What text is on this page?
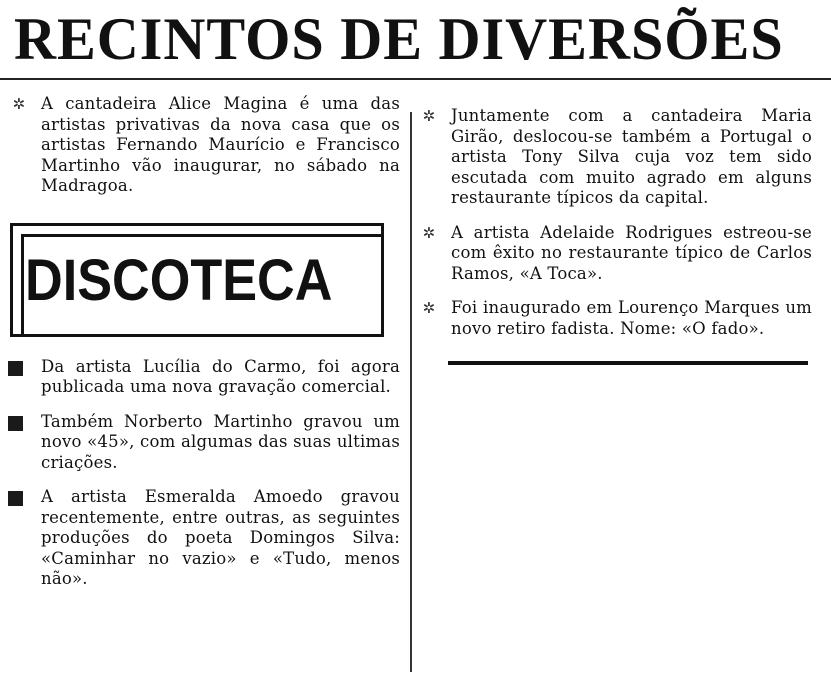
RECINTOS DE DIVERSÕES
✲ A cantadeira Alice Magina é uma das artistas privativas da nova casa que os artistas Fernando Maurício e Francisco Martinho vão inaugurar, no sábado na Madragoa.
DISCOTECA
Da artista Lucília do Carmo, foi agora publicada uma nova gravação comercial.
Também Norberto Martinho gravou um novo «45», com algumas das suas ultimas criações.
A artista Esmeralda Amoedo gravou recentemente, entre outras, as seguintes produções do poeta Domingos Silva: «Caminhar no vazio» e «Tudo, menos não».
✲ Juntamente com a cantadeira Maria Girão, deslocou-se também a Portugal o artista Tony Silva cuja voz tem sido escutada com muito agrado em alguns restaurante típicos da capital.
✲ A artista Adelaide Rodrigues estreou-se com êxito no restaurante típico de Carlos Ramos, «A Toca».
✲ Foi inaugurado em Lourenço Marques um novo retiro fadista. Nome: «O fado».
